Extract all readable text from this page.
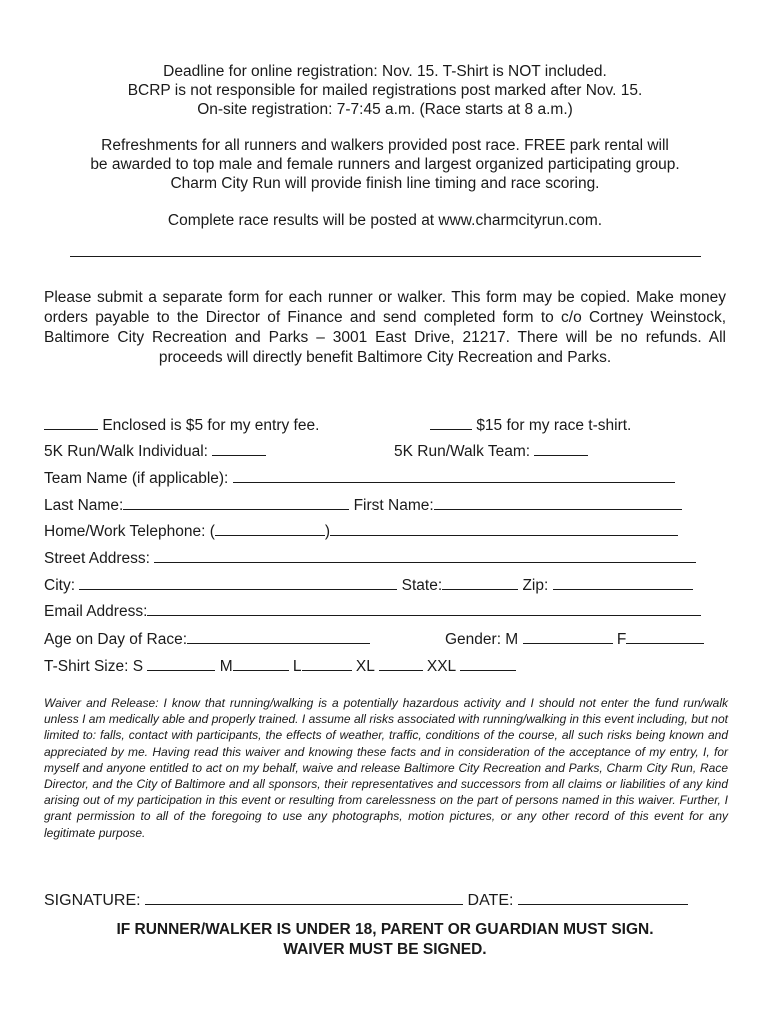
Deadline for online registration: Nov. 15. T-Shirt is NOT included.
BCRP is not responsible for mailed registrations post marked after Nov. 15.
On-site registration: 7-7:45 a.m. (Race starts at 8 a.m.)
Refreshments for all runners and walkers provided post race. FREE park rental will
be awarded to top male and female runners and largest organized participating group.
Charm City Run will provide finish line timing and race scoring.
Complete race results will be posted at www.charmcityrun.com.
Please submit a separate form for each runner or walker. This form may be copied. Make money orders payable to the Director of Finance and send completed form to c/o Cortney Weinstock, Baltimore City Recreation and Parks – 3001 East Drive, 21217. There will be no refunds. All proceeds will directly benefit Baltimore City Recreation and Parks.
Enclosed is $5 for my entry fee.	$15 for my race t-shirt.
5K Run/Walk Individual:	5K Run/Walk Team:
Team Name (if applicable):
Last Name:	First Name:
Home/Work Telephone: (	)
Street Address:
City:	State:	Zip:
Email Address:
Age on Day of Race:	Gender: M	F
T-Shirt Size: S	M	L	XL	XXL
Waiver and Release: I know that running/walking is a potentially hazardous activity and I should not enter the fund run/walk unless I am medically able and properly trained. I assume all risks associated with running/walking in this event including, but not limited to: falls, contact with participants, the effects of weather, traffic, conditions of the course, all such risks being known and appreciated by me. Having read this waiver and knowing these facts and in consideration of the acceptance of my entry, I, for myself and anyone entitled to act on my behalf, waive and release Baltimore City Recreation and Parks, Charm City Run, Race Director, and the City of Baltimore and all sponsors, their representatives and successors from all claims or liabilities of any kind arising out of my participation in this event or resulting from carelessness on the part of persons named in this waiver. Further, I grant permission to all of the foregoing to use any photographs, motion pictures, or any other record of this event for any legitimate purpose.
SIGNATURE:	DATE:
IF RUNNER/WALKER IS UNDER 18, PARENT OR GUARDIAN MUST SIGN.
WAIVER MUST BE SIGNED.
